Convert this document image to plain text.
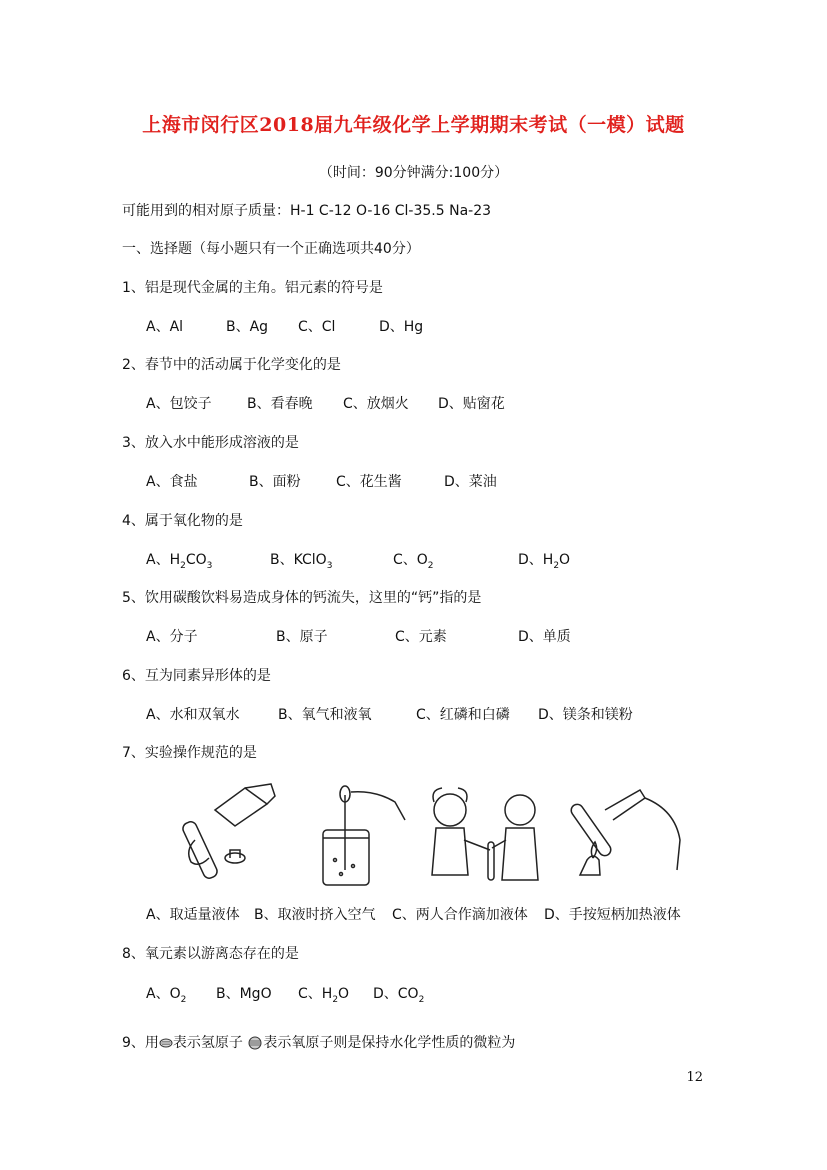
上海市闵行区2018届九年级化学上学期期末考试（一模）试题
（时间：90分钟满分:100分）
可能用到的相对原子质量：H-1 C-12 O-16 Cl-35.5 Na-23
一、选择题（每小题只有一个正确选项共40分）
1、铝是现代金属的主角。铝元素的符号是
A、Al	B、Ag C、Cl	D、Hg
2、春节中的活动属于化学变化的是
A、包饺子	B、看春晚 C、放烟火 D、贴窗花
3、放入水中能形成溶液的是
A、食盐	B、面粉	C、花生酱	D、菜油
4、属于氧化物的是
A、$H_2CO_3$	B、KClO$_3$	C、$O_2$	D、$H_2O$
5、饮用碳酸饮料易造成身体的钙流失，这里的“钙”指的是
A、分子	B、原子	C、元素	D、单质
6、互为同素异形体的是
A、水和双氧水	B、氧气和液氧	C、红磷和白磷 D、镁条和镁粉
7、实验操作规范的是
A、取适量液体 B、取液时挤入空气 C、两人合作滴加液体 D、手按短柄加热液体
8、氧元素以游离态存在的是
A、$O_2$ B、MgO C、$H_2O$ D、$CO_2$
9、用 表示氢原子 表示氧原子则是保持水化学性质的微粒为
12
